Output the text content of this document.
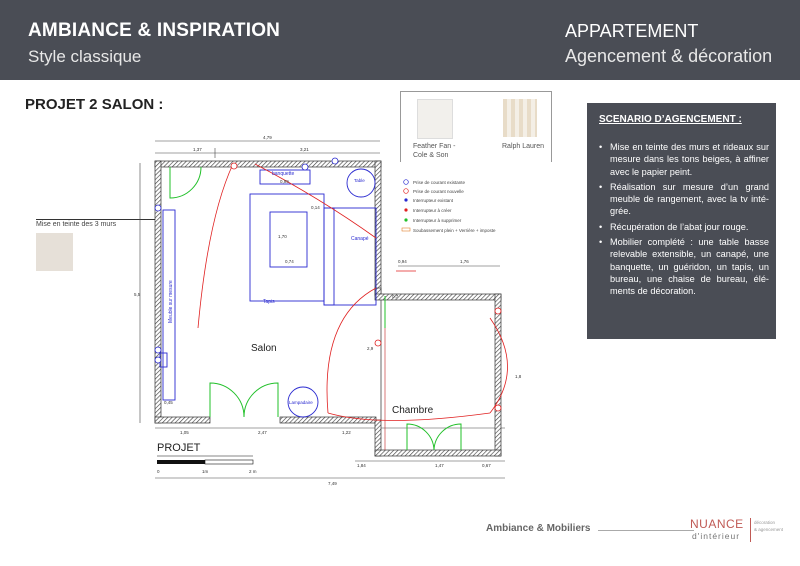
AMBIANCE & INSPIRATION
Style classique
APPARTEMENT
Agencement & décoration
PROJET 2 SALON :
Feather Fan -
Cole & Son
Ralph Lauren
Mise en teinte des 3 murs
SCENARIO D’AGENCEMENT :
• Mise en teinte des murs et rideaux sur mesure dans les tons beiges, à affiner avec le papier peint.
• Réalisation sur mesure d’un grand meuble de rangement, avec la tv inté- grée.
• Récupération de l’abat jour rouge.
• Mobilier complété : une table basse relevable extensible, un canapé, une banquette, un guéridon, un tapis, un bureau, une chaise de bureau, élé- ments de décoration.
Salon
Chambre
banquette
Canapé
Tapis
Lampadaire
Table
Meuble sur mesure
Prise de courant existante
Prise de courant nouvelle
Interrupteur existant
Interrupteur à créer
Interrupteur à supprimer
Soubassement plein + Verrière + imposte
4,79
1,37	3,21
5,5
0,99
0,14
0,74	0,94	1,76
0,7
1,05	2,47	1,22
1,84	1,47	0,67
7,49
0,45
1,70
2,9
1,8
0	1m	2 m
PROJET
Ambiance & Mobiliers	NUANCE
d'intérieur
décoration
& agencement
